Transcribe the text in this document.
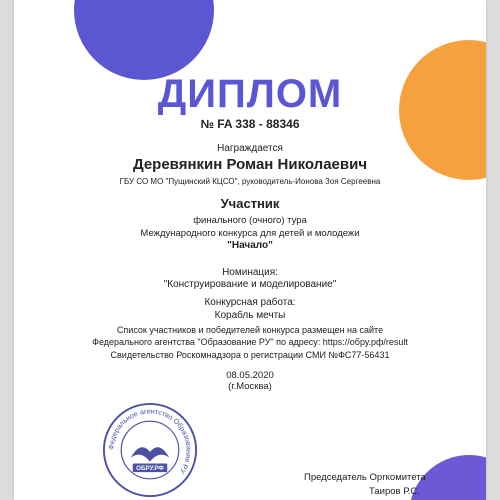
ДИПЛОМ
№ FA 338 - 88346
Награждается
Деревянкин Роман Николаевич
ГБУ СО МО "Пущинский КЦСО", руководитель-Ионова Зоя Сергеевна
Участник
финального (очного) тура
Международного конкурса для детей и молодежи
"Начало"
Номинация:
"Конструирование и моделирование"
Конкурсная работа:
Корабль мечты
Список участников и победителей конкурса размещен на сайте
Федерального агентства "Образование РУ" по адресу: https://обру.рф/result
Свидетельство Роскомнадзора о регистрации СМИ №ФС77-56431
08.05.2020
(г.Москва)
Федеральное агентство Образование РУ
ОБРУ.РФ
Председатель Оргкомитета
Таиров Р.С.
